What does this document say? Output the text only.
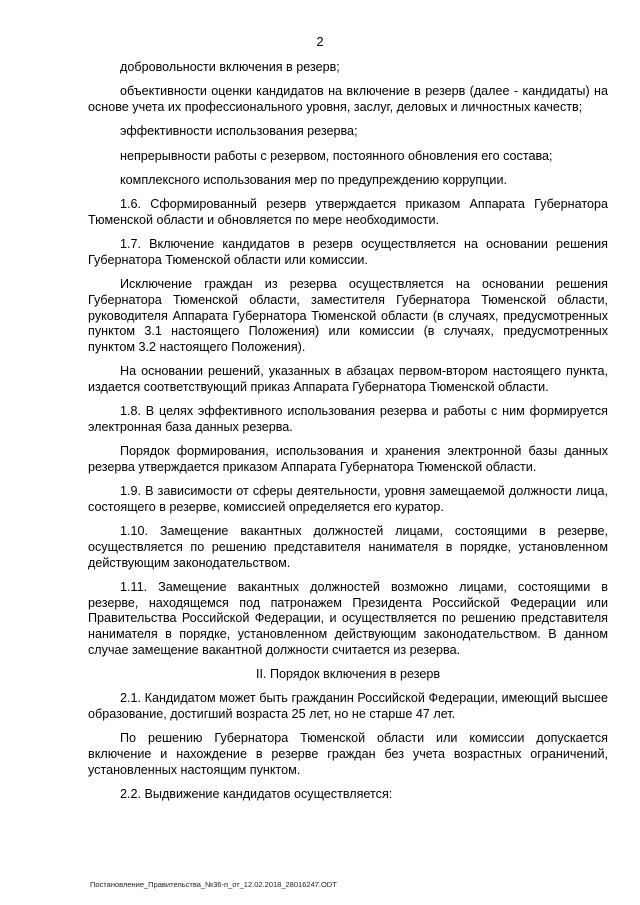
2

добровольности включения в резерв;

объективности оценки кандидатов на включение в резерв (далее - кандидаты) на основе учета их профессионального уровня, заслуг, деловых и личностных качеств;

эффективности использования резерва;

непрерывности работы с резервом, постоянного обновления его состава;

комплексного использования мер по предупреждению коррупции.

1.6. Сформированный резерв утверждается приказом Аппарата Губернатора Тюменской области и обновляется по мере необходимости.

1.7. Включение кандидатов в резерв осуществляется на основании решения Губернатора Тюменской области или комиссии.

Исключение граждан из резерва осуществляется на основании решения Губернатора Тюменской области, заместителя Губернатора Тюменской области, руководителя Аппарата Губернатора Тюменской области (в случаях, предусмотренных пунктом 3.1 настоящего Положения) или комиссии (в случаях, предусмотренных пунктом 3.2 настоящего Положения).

На основании решений, указанных в абзацах первом-втором настоящего пункта, издается соответствующий приказ Аппарата Губернатора Тюменской области.

1.8. В целях эффективного использования резерва и работы с ним формируется электронная база данных резерва.

Порядок формирования, использования и хранения электронной базы данных резерва утверждается приказом Аппарата Губернатора Тюменской области.

1.9. В зависимости от сферы деятельности, уровня замещаемой должности лица, состоящего в резерве, комиссией определяется его куратор.

1.10. Замещение вакантных должностей лицами, состоящими в резерве, осуществляется по решению представителя нанимателя в порядке, установленном действующим законодательством.

1.11. Замещение вакантных должностей возможно лицами, состоящими в резерве, находящемся под патронажем Президента Российской Федерации или Правительства Российской Федерации, и осуществляется по решению представителя нанимателя в порядке, установленном действующим законодательством. В данном случае замещение вакантной должности считается из резерва.

II. Порядок включения в резерв

2.1. Кандидатом может быть гражданин Российской Федерации, имеющий высшее образование, достигший возраста 25 лет, но не старше 47 лет.

По решению Губернатора Тюменской области или комиссии допускается включение и нахождение в резерве граждан без учета возрастных ограничений, установленных настоящим пунктом.

2.2. Выдвижение кандидатов осуществляется:

Постановление_Правительства_№36-п_от_12.02.2018_28016247.ODT
